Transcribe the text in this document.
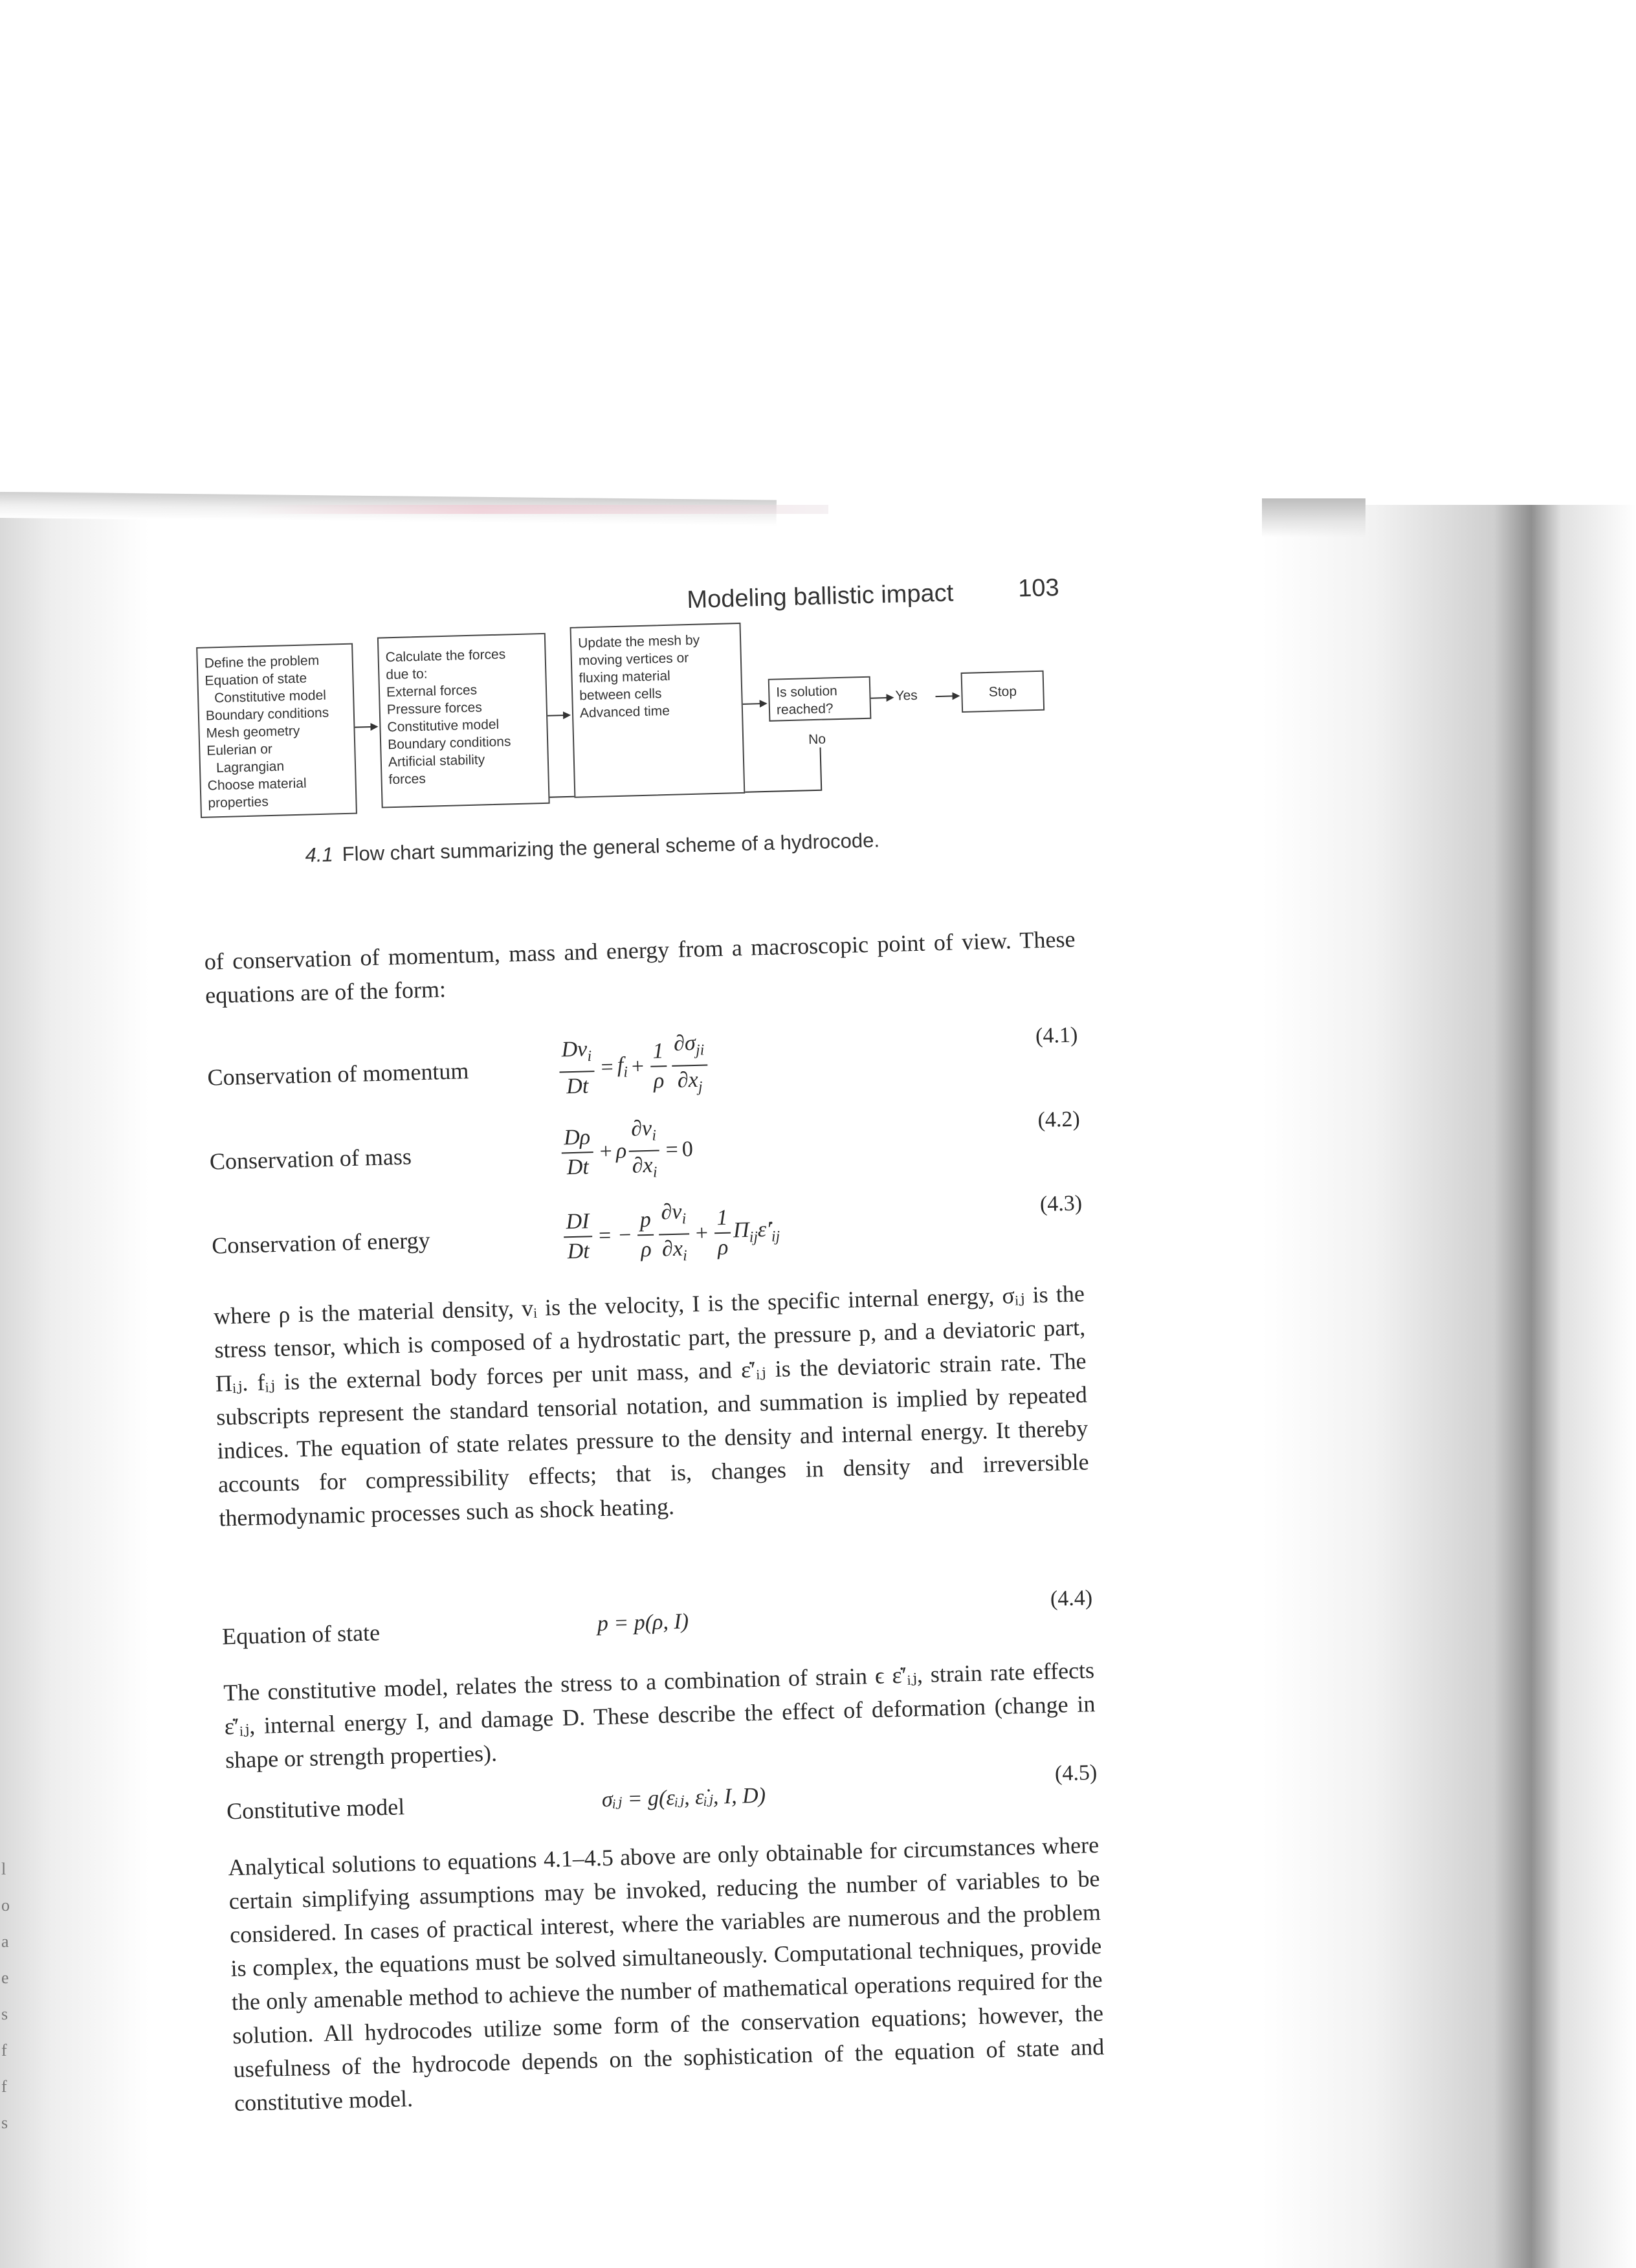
l
o
a
e
s
f
f
s
Modeling ballistic impact	103
Define the problem
Equation of state
Constitutive model
Boundary conditions
Mesh geometry
Eulerian or
Lagrangian
Choose material
properties
Calculate the forces
due to:
External forces
Pressure forces
Constitutive model
Boundary conditions
Artificial stability
forces
Update the mesh by
moving vertices or
fluxing material
between cells
Advanced time
Is solution
reached?
Yes	Stop
No
4.1 Flow chart summarizing the general scheme of a hydrocode.
of conservation of momentum, mass and energy from a macroscopic point of view. These equations are of the form:
Conservation of momentum	$\frac{Dv_i}{Dt} = f_i + \frac{1}{\rho} \frac{\partial\sigma_{ji}}{\partial x_j}$	(4.1)
Conservation of mass	$\frac{D\rho}{Dt} + \rho \frac{\partial v_i}{\partial x_i} = 0$
(4.2)
Conservation of energy	$\frac{DI}{Dt}$ = − $\frac{p}{\rho} \frac{\partial v_i}{\partial x_i} + \frac{1}{\rho}$ $\Pi_{ij}\varepsiloṅ'_{ij}$
(4.3)
where ρ is the material density, vᵢ is the velocity, I is the specific internal energy, σᵢⱼ is the stress tensor, which is composed of a hydrostatic part, the pressure p, and a deviatoric part, Πᵢⱼ. fᵢⱼ is the external body forces per unit mass, and ε̇′ᵢⱼ is the deviatoric strain rate. The subscripts represent the standard tensorial notation, and summation is implied by repeated indices. The equation of state relates pressure to the density and internal energy. It thereby accounts for compressibility effects; that is, changes in density and irreversible thermodynamic processes such as shock heating.
Equation of state	p = p(ρ, I)
(4.4)
The constitutive model, relates the stress to a combination of strain ϵ ε̇′ᵢⱼ, strain rate effects ε̇′ᵢⱼ, internal energy I, and damage D. These describe the effect of deformation (change in shape or strength properties).
Constitutive model	σᵢⱼ = g(εᵢⱼ, ε̇ᵢⱼ, I, D)
(4.5)
Analytical solutions to equations 4.1–4.5 above are only obtainable for circumstances where certain simplifying assumptions may be invoked, reducing the number of variables to be considered. In cases of practical interest, where the variables are numerous and the problem is complex, the equations must be solved simultaneously. Computational techniques, provide the only amenable method to achieve the number of mathematical operations required for the solution. All hydrocodes utilize some form of the conservation equations; however, the usefulness of the hydrocode depends on the sophistication of the equation of state and constitutive model.
